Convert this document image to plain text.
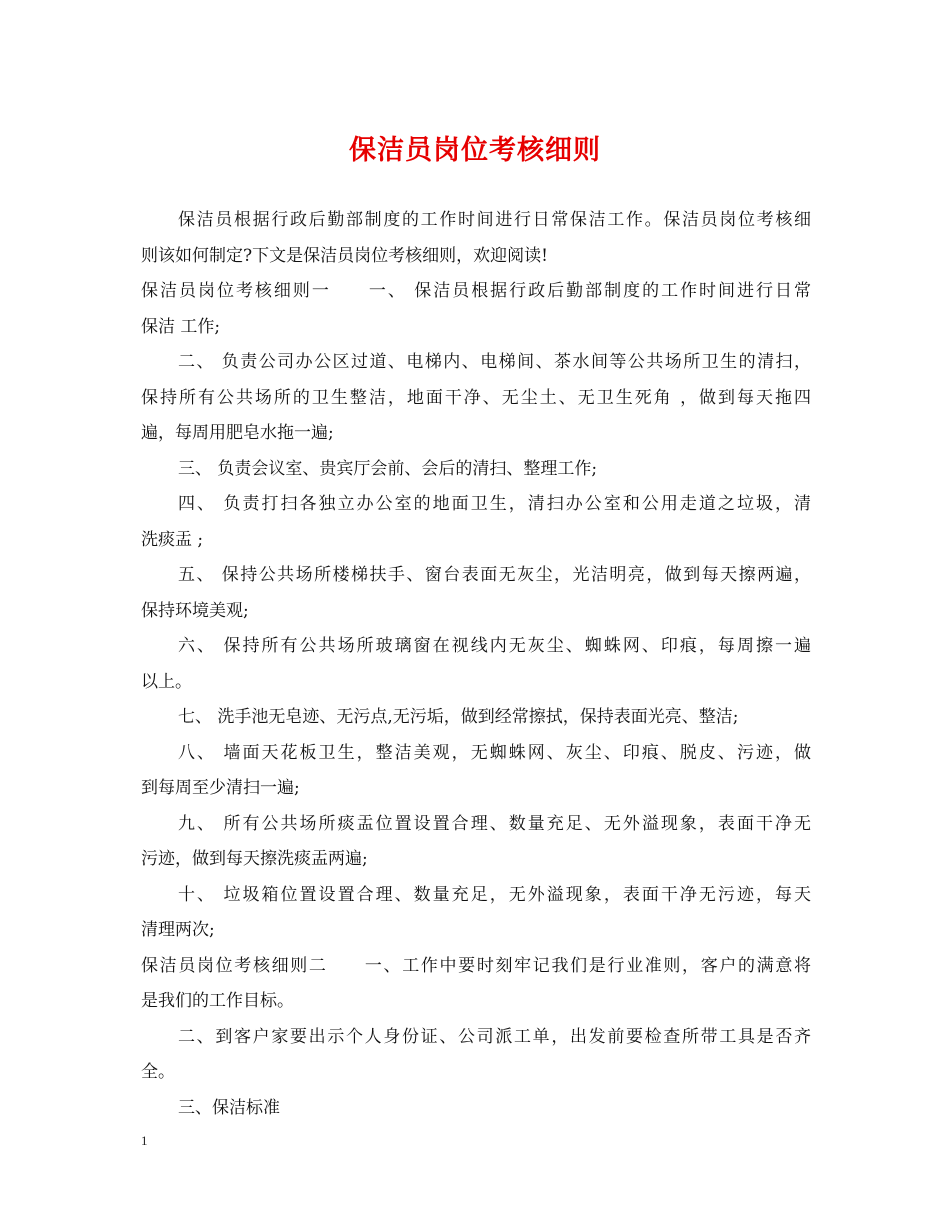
保洁员岗位考核细则
保洁员根据行政后勤部制度的工作时间进行日常保洁工作。保洁员岗位考核细
则该如何制定?下文是保洁员岗位考核细则，欢迎阅读!
保洁员岗位考核细则一　　一、 保洁员根据行政后勤部制度的工作时间进行日常
保洁 工作;
二、 负责公司办公区过道、电梯内、电梯间、茶水间等公共场所卫生的清扫，
保持所有公共场所的卫生整洁，地面干净、无尘土、无卫生死角 ，做到每天拖四
遍，每周用肥皂水拖一遍;
三、 负责会议室、贵宾厅会前、会后的清扫、整理工作;
四、 负责打扫各独立办公室的地面卫生，清扫办公室和公用走道之垃圾，清
洗痰盂 ;
五、 保持公共场所楼梯扶手、窗台表面无灰尘，光洁明亮，做到每天擦两遍，
保持环境美观;
六、 保持所有公共场所玻璃窗在视线内无灰尘、蜘蛛网、印痕，每周擦一遍
以上。
七、 洗手池无皂迹、无污点,无污垢，做到经常擦拭，保持表面光亮、整洁;
八、 墙面天花板卫生，整洁美观，无蜘蛛网、灰尘、印痕、脱皮、污迹，做
到每周至少清扫一遍;
九、 所有公共场所痰盂位置设置合理、数量充足、无外溢现象，表面干净无
污迹，做到每天擦洗痰盂两遍;
十、 垃圾箱位置设置合理、数量充足，无外溢现象，表面干净无污迹，每天
清理两次;
保洁员岗位考核细则二　　一、工作中要时刻牢记我们是行业准则，客户的满意将
是我们的工作目标。
二、到客户家要出示个人身份证、公司派工单，出发前要检查所带工具是否齐
全。
三、保洁标准
1
